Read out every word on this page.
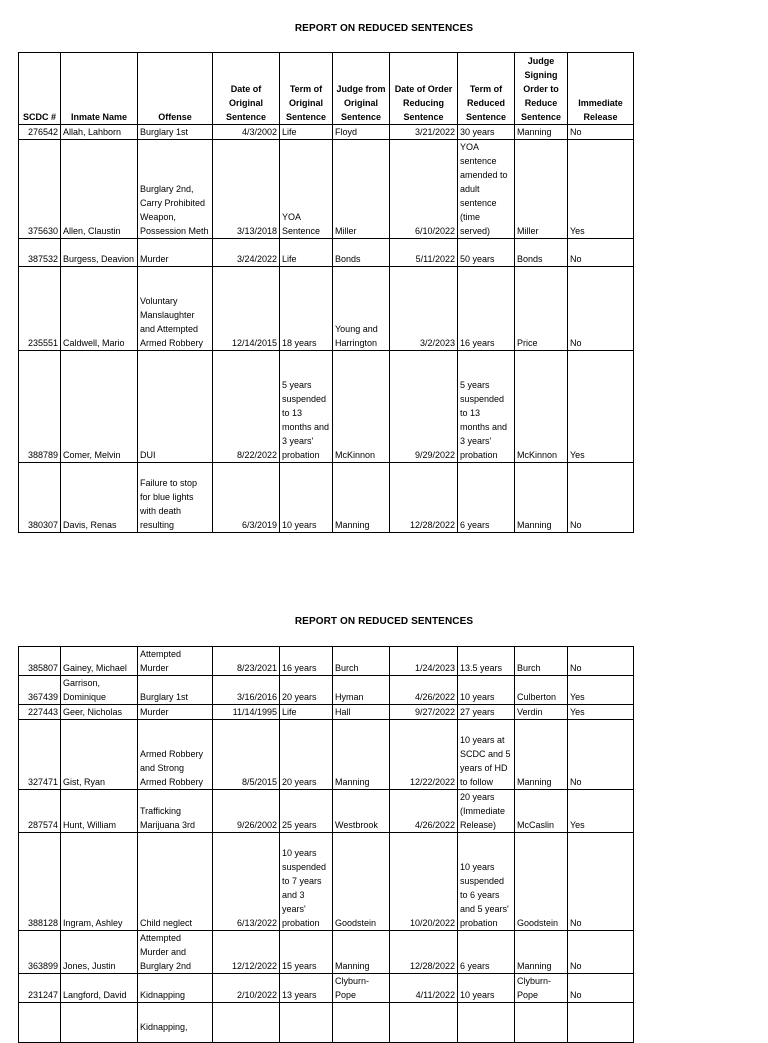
REPORT ON REDUCED SENTENCES
SCDC #	Inmate Name	Offense	Date of Original Sentence	Term of Original Sentence	Judge from Original Sentence	Date of Order Reducing Sentence	Term of Reduced Sentence	Judge Signing Order to Reduce Sentence	Immediate Release
276542	Allah, Lahborn	Burglary 1st	4/3/2002	Life	Floyd	3/21/2022	30 years	Manning	No
375630	Allen, Claustin	Burglary 2nd, Carry Prohibited Weapon, Possession Meth	3/13/2018	YOA Sentence	Miller	6/10/2022	YOA sentence amended to adult sentence (time served)	Miller	Yes
387532	Burgess, Deavion	Murder	3/24/2022	Life	Bonds	5/11/2022	50 years	Bonds	No
235551	Caldwell, Mario	Voluntary Manslaughter and Attempted Armed Robbery	12/14/2015	18 years	Young and Harrington	3/2/2023	16 years	Price	No
388789	Comer, Melvin	DUI	8/22/2022	5 years suspended to 13 months and 3 years' probation	McKinnon	9/29/2022	5 years suspended to 13 months and 3 years' probation	McKinnon	Yes
380307	Davis, Renas	Failure to stop for blue lights with death resulting	6/3/2019	10 years	Manning	12/28/2022	6 years	Manning	No
REPORT ON REDUCED SENTENCES
385807	Gainey, Michael	Attempted Murder	8/23/2021	16 years	Burch	1/24/2023	13.5 years	Burch	No
367439	Garrison, Dominique	Burglary 1st	3/16/2016	20 years	Hyman	4/26/2022	10 years	Culberton	Yes
227443	Geer, Nicholas	Murder	11/14/1995	Life	Hall	9/27/2022	27 years	Verdin	Yes
327471	Gist, Ryan	Armed Robbery and Strong Armed Robbery	8/5/2015	20 years	Manning	12/22/2022	10 years at SCDC and 5 years of HD to follow	Manning	No
287574	Hunt, William	Trafficking Marijuana 3rd	9/26/2002	25 years	Westbrook	4/26/2022	20 years (Immediate Release)	McCaslin	Yes
388128	Ingram, Ashley	Child neglect	6/13/2022	10 years suspended to 7 years and 3 years' probation	Goodstein	10/20/2022	10 years suspended to 6 years and 5 years' probation	Goodstein	No
363899	Jones, Justin	Attempted Murder and Burglary 2nd	12/12/2022	15 years	Manning	12/28/2022	6 years	Manning	No
231247	Langford, David	Kidnapping	2/10/2022	13 years	Clyburn-Pope	4/11/2022	10 years	Clyburn-Pope	No
		Kidnapping,							
